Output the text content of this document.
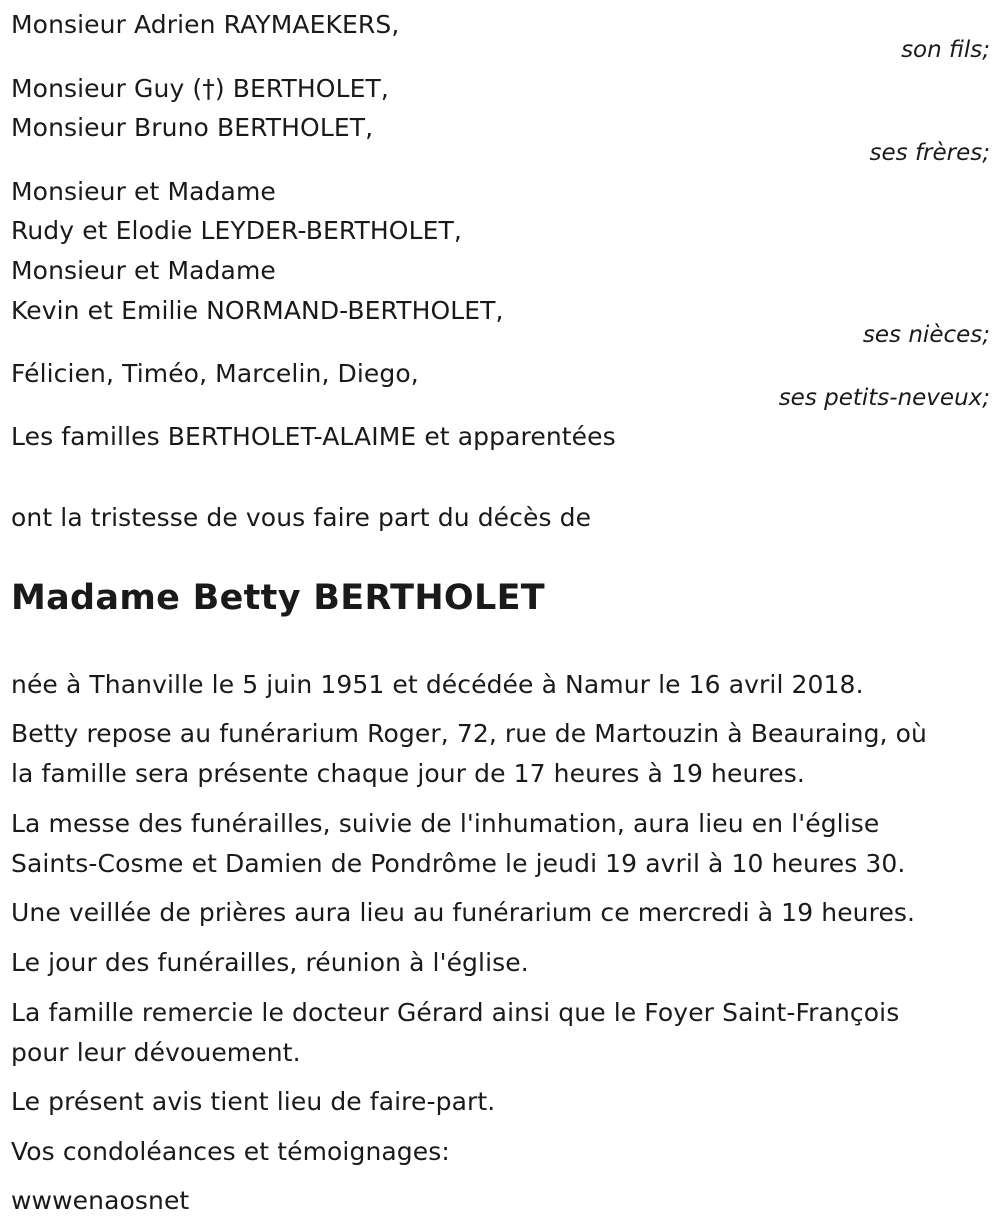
Monsieur Adrien RAYMAEKERS,
son fils;
Monsieur Guy (†) BERTHOLET,
Monsieur Bruno BERTHOLET,
ses frères;
Monsieur et Madame
Rudy et Elodie LEYDER-BERTHOLET,
Monsieur et Madame
Kevin et Emilie NORMAND-BERTHOLET,
ses nièces;
Félicien, Timéo, Marcelin, Diego,
ses petits-neveux;
Les familles BERTHOLET-ALAIME et apparentées
ont la tristesse de vous faire part du décès de
Madame Betty BERTHOLET
née à Thanville le 5 juin 1951 et décédée à Namur le 16 avril 2018.
Betty repose au funérarium Roger, 72, rue de Martouzin à Beauraing, où
la famille sera présente chaque jour de 17 heures à 19 heures.
La messe des funérailles, suivie de l'inhumation, aura lieu en l'église
Saints-Cosme et Damien de Pondrôme le jeudi 19 avril à 10 heures 30.
Une veillée de prières aura lieu au funérarium ce mercredi à 19 heures.
Le jour des funérailles, réunion à l'église.
La famille remercie le docteur Gérard ainsi que le Foyer Saint-François
pour leur dévouement.
Le présent avis tient lieu de faire-part.
Vos condoléances et témoignages:
wwwenaosnet
